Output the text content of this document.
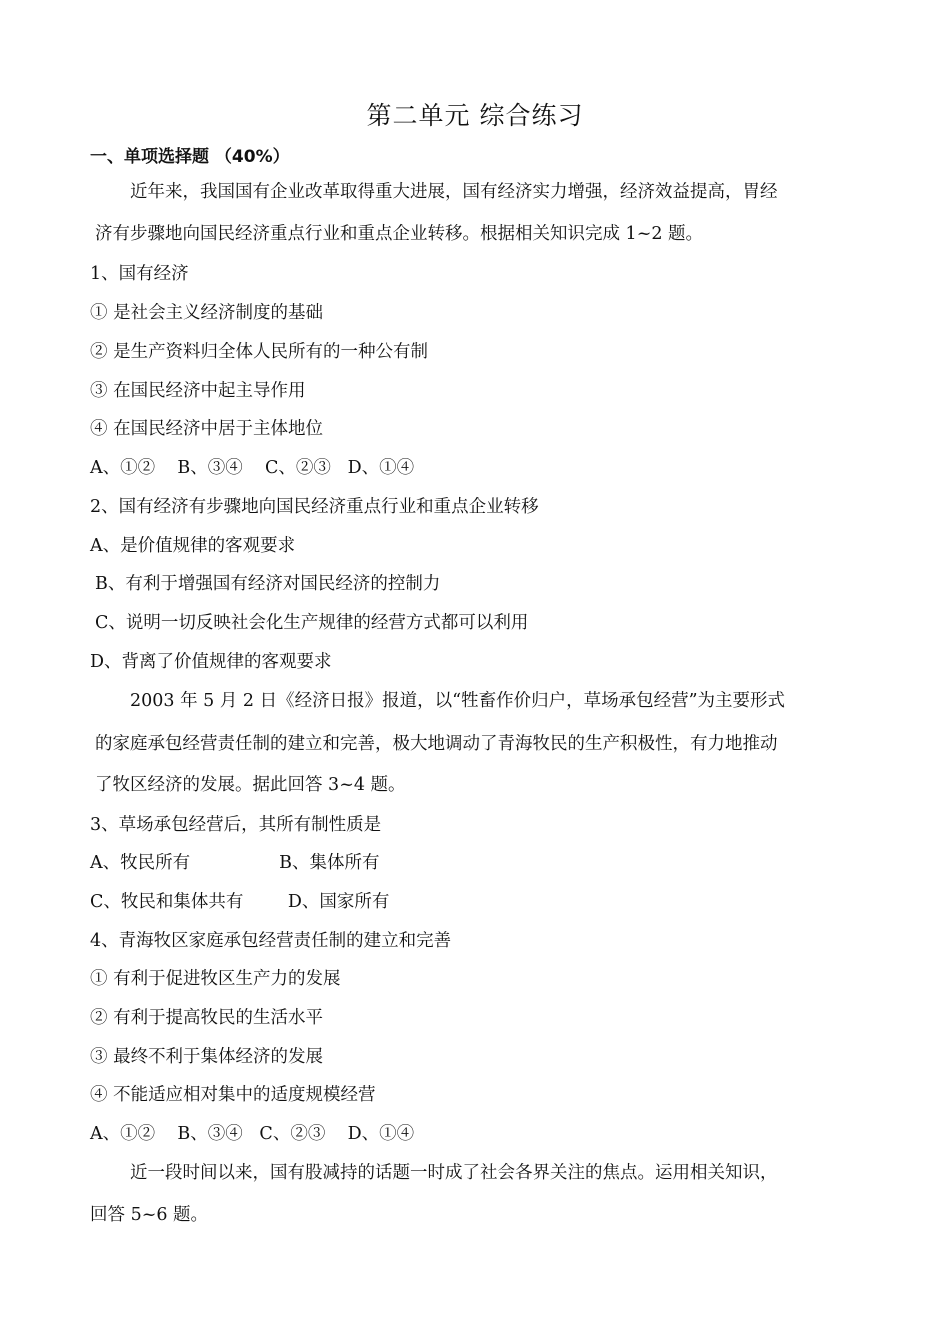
第二单元 综合练习
一、单项选择题 （40%）
近年来，我国国有企业改革取得重大进展，国有经济实力增强，经济效益提高，胃经
济有步骤地向国民经济重点行业和重点企业转移。根据相关知识完成 1~2 题。
1、国有经济
① 是社会主义经济制度的基础
② 是生产资料归全体人民所有的一种公有制
③ 在国民经济中起主导作用
④ 在国民经济中居于主体地位
A、①②    B、③④    C、②③   D、①④
2、国有经济有步骤地向国民经济重点行业和重点企业转移
A、是价值规律的客观要求
B、有利于增强国有经济对国民经济的控制力
C、说明一切反映社会化生产规律的经营方式都可以利用
D、背离了价值规律的客观要求
2003 年 5 月 2 日《经济日报》报道，以“牲畜作价归户，草场承包经营”为主要形式
的家庭承包经营责任制的建立和完善，极大地调动了青海牧民的生产积极性，有力地推动
了牧区经济的发展。据此回答 3~4 题。
3、草场承包经营后，其所有制性质是
A、牧民所有                B、集体所有
C、牧民和集体共有        D、国家所有
4、青海牧区家庭承包经营责任制的建立和完善
① 有利于促进牧区生产力的发展
② 有利于提高牧民的生活水平
③ 最终不利于集体经济的发展
④ 不能适应相对集中的适度规模经营
A、①②    B、③④   C、②③    D、①④
近一段时间以来，国有股减持的话题一时成了社会各界关注的焦点。运用相关知识，
回答 5~6 题。
